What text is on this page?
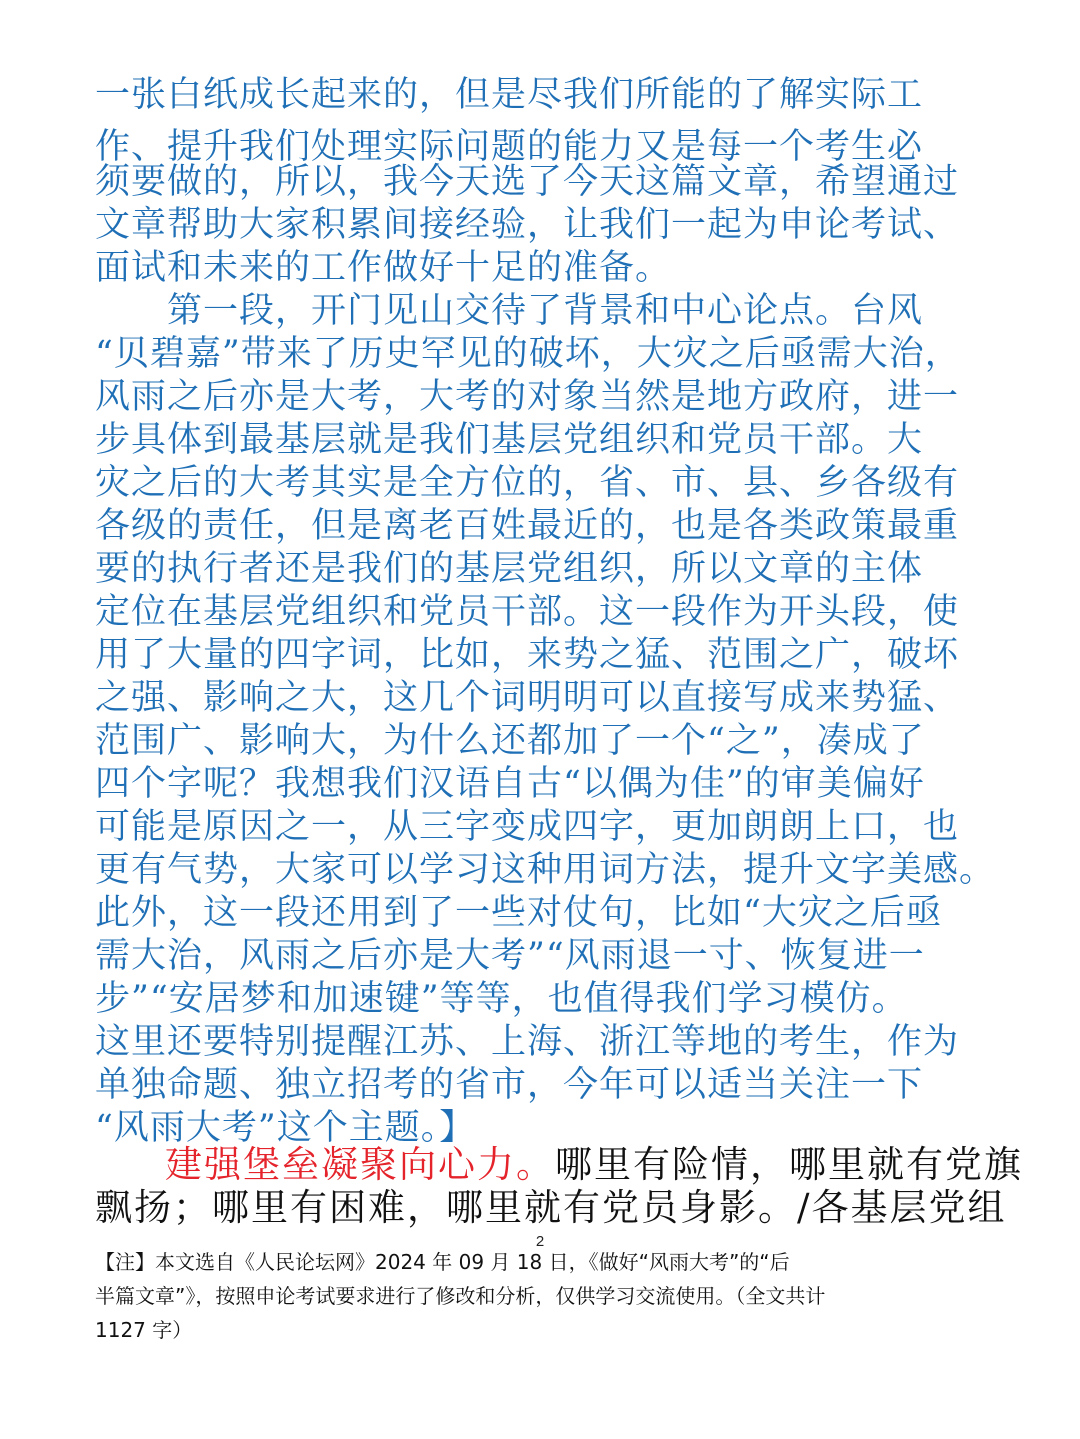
一张白纸成长起来的，但是尽我们所能的了解实际工
作、提升我们处理实际问题的能力又是每一个考生必
须要做的，所以，我今天选了今天这篇文章，希望通过
文章帮助大家积累间接经验，让我们一起为申论考试、
面试和未来的工作做好十足的准备。
　　第一段，开门见山交待了背景和中心论点。台风
“贝碧嘉”带来了历史罕见的破坏，大灾之后亟需大治，
风雨之后亦是大考，大考的对象当然是地方政府，进一
步具体到最基层就是我们基层党组织和党员干部。大
灾之后的大考其实是全方位的，省、市、县、乡各级有
各级的责任，但是离老百姓最近的，也是各类政策最重
要的执行者还是我们的基层党组织，所以文章的主体
定位在基层党组织和党员干部。这一段作为开头段，使
用了大量的四字词，比如，来势之猛、范围之广，破坏
之强、影响之大，这几个词明明可以直接写成来势猛、
范围广、影响大，为什么还都加了一个“之”，凑成了
四个字呢？我想我们汉语自古“以偶为佳”的审美偏好
可能是原因之一，从三字变成四字，更加朗朗上口，也
更有气势，大家可以学习这种用词方法，提升文字美感。
此外，这一段还用到了一些对仗句，比如“大灾之后亟
需大治，风雨之后亦是大考”“风雨退一寸、恢复进一
步”“安居梦和加速键”等等，也值得我们学习模仿。
这里还要特别提醒江苏、上海、浙江等地的考生，作为
单独命题、独立招考的省市，今年可以适当关注一下
“风雨大考”这个主题。】
建强堡垒凝聚向心力。哪里有险情，哪里就有党旗
飘扬；哪里有困难，哪里就有党员身影。/各基层党组
2
【注】本文选自《人民论坛网》2024 年 09 月 18 日，《做好“风雨大考”的“后
半篇文章”》，按照申论考试要求进行了修改和分析，仅供学习交流使用。（全文共计
1127 字）
